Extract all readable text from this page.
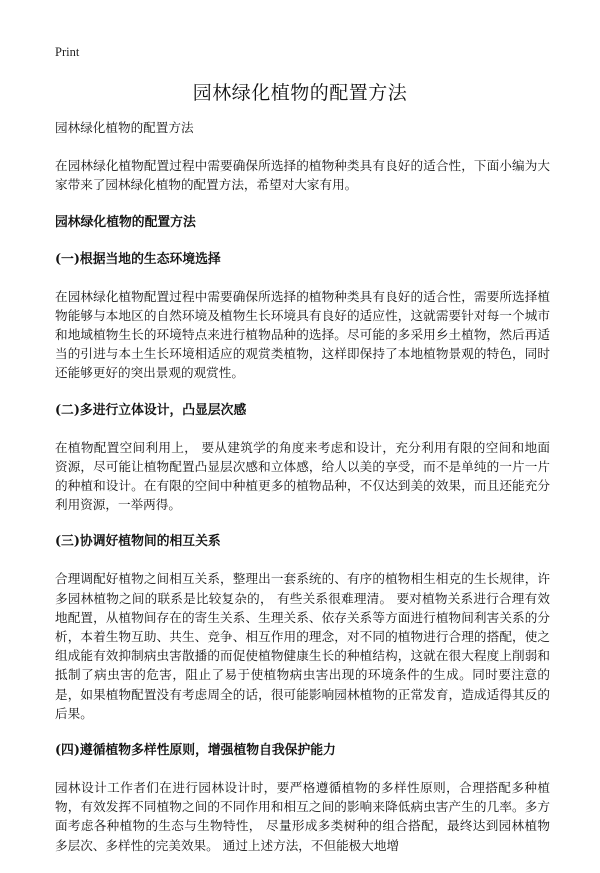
Print
园林绿化植物的配置方法

园林绿化植物的配置方法

在园林绿化植物配置过程中需要确保所选择的植物种类具有良好的适合性，下面小编为大家带来了园林绿化植物的配置方法，希望对大家有用。

园林绿化植物的配置方法

(一)根据当地的生态环境选择

在园林绿化植物配置过程中需要确保所选择的植物种类具有良好的适合性，需要所选择植物能够与本地区的自然环境及植物生长环境具有良好的适应性，这就需要针对每一个城市和地域植物生长的环境特点来进行植物品种的选择。尽可能的多采用乡土植物，然后再适当的引进与本土生长环境相适应的观赏类植物，这样即保持了本地植物景观的特色，同时还能够更好的突出景观的观赏性。

(二)多进行立体设计，凸显层次感

在植物配置空间利用上， 要从建筑学的角度来考虑和设计，充分利用有限的空间和地面资源，尽可能让植物配置凸显层次感和立体感，给人以美的享受，而不是单纯的一片一片的种植和设计。在有限的空间中种植更多的植物品种，不仅达到美的效果，而且还能充分利用资源，一举两得。

(三)协调好植物间的相互关系

合理调配好植物之间相互关系，整理出一套系统的、有序的植物相生相克的生长规律，许多园林植物之间的联系是比较复杂的， 有些关系很难理清。 要对植物关系进行合理有效地配置，从植物间存在的寄生关系、生理关系、依存关系等方面进行植物间利害关系的分析，本着生物互助、共生、竞争、相互作用的理念，对不同的植物进行合理的搭配，使之组成能有效抑制病虫害散播的而促使植物健康生长的种植结构，这就在很大程度上削弱和抵制了病虫害的危害，阻止了易于使植物病虫害出现的环境条件的生成。同时要注意的是，如果植物配置没有考虑周全的话，很可能影响园林植物的正常发育，造成适得其反的后果。

(四)遵循植物多样性原则，增强植物自我保护能力

园林设计工作者们在进行园林设计时，要严格遵循植物的多样性原则，合理搭配多种植物，有效发挥不同植物之间的不同作用和相互之间的影响来降低病虫害产生的几率。多方面考虑各种植物的生态与生物特性， 尽量形成多类树种的组合搭配，最终达到园林植物多层次、多样性的完美效果。 通过上述方法，不但能极大地增
